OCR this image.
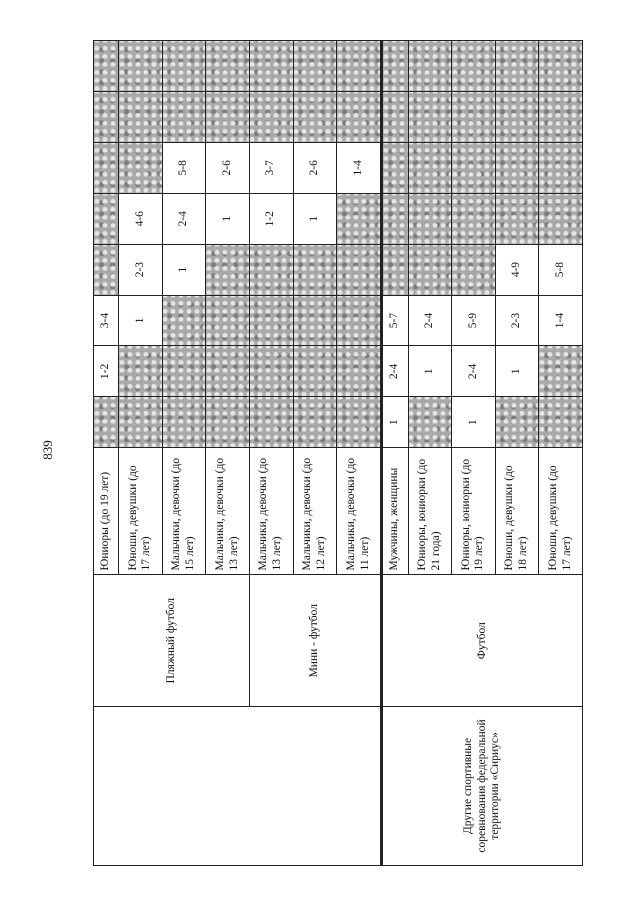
839
	Пляжный футбол	Юниоры (до 19 лет)		1-2	3-4					
		Юноши, девушки (до 17 лет)			1	2-3	4-6			
		Мальчики, девочки (до 15 лет)				1	2-4	5-8		
		Мальчики, девочки (до 13 лет)					1	2-6		
	Мини - футбол	Мальчики, девочки (до 13 лет)					1-2	3-7		
		Мальчики, девочки (до 12 лет)					1	2-6		
		Мальчики, девочки (до 11 лет)						1-4		
Другие спортивные соревнования федеральной территории «Сириус»	Футбол	Мужчины, женщины	1	2-4	5-7					
		Юниоры, юниорки (до 21 года)		1	2-4					
		Юниоры, юниорки (до 19 лет)	1	2-4	5-9					
		Юноши, девушки (до 18 лет)		1	2-3	4-9				
		Юноши, девушки (до 17 лет)			1-4	5-8				
